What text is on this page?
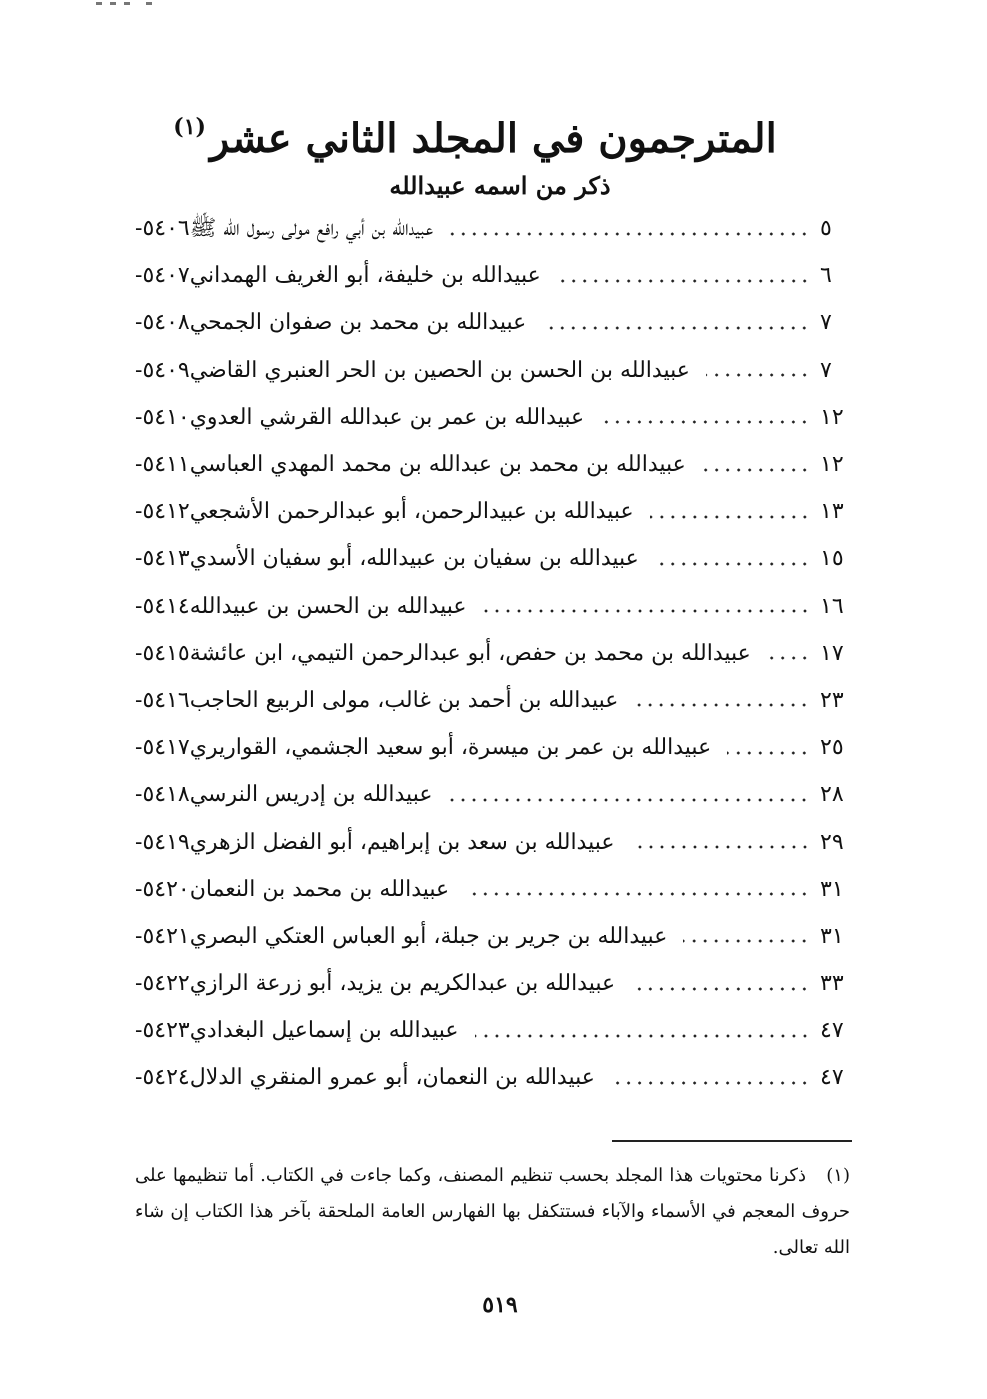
المترجمون في المجلد الثاني عشر$^{(١)}$
ذكر من اسمه عبيدالله
٥٤٠٦- عبيدالله بن أبي رافع مولى رسول الله ﷺ	٥
٥٤٠٧- عبيدالله بن خليفة، أبو الغريف الهمداني	٦
٥٤٠٨- عبيدالله بن محمد بن صفوان الجمحي	٧
٥٤٠٩- عبيدالله بن الحسن بن الحصين بن الحر العنبري القاضي	٧
٥٤١٠- عبيدالله بن عمر بن عبدالله القرشي العدوي	١٢
٥٤١١- عبيدالله بن محمد بن عبدالله بن محمد المهدي العباسي	١٢
٥٤١٢- عبيدالله بن عبيدالرحمن، أبو عبدالرحمن الأشجعي	١٣
٥٤١٣- عبيدالله بن سفيان بن عبيدالله، أبو سفيان الأسدي	١٥
٥٤١٤- عبيدالله بن الحسن بن عبيدالله	١٦
٥٤١٥- عبيدالله بن محمد بن حفص، أبو عبدالرحمن التيمي، ابن عائشة	١٧
٥٤١٦- عبيدالله بن أحمد بن غالب، مولى الربيع الحاجب	٢٣
٥٤١٧- عبيدالله بن عمر بن ميسرة، أبو سعيد الجشمي، القواريري	٢٥
٥٤١٨- عبيدالله بن إدريس النرسي	٢٨
٥٤١٩- عبيدالله بن سعد بن إبراهيم، أبو الفضل الزهري	٢٩
٥٤٢٠- عبيدالله بن محمد بن النعمان	٣١
٥٤٢١- عبيدالله بن جرير بن جبلة، أبو العباس العتكي البصري	٣١
٥٤٢٢- عبيدالله بن عبدالكريم بن يزيد، أبو زرعة الرازي	٣٣
٥٤٢٣- عبيدالله بن إسماعيل البغدادي	٤٧
٥٤٢٤- عبيدالله بن النعمان، أبو عمرو المنقري الدلال	٤٧
(١)
ذكرنا محتويات هذا المجلد بحسب تنظيم المصنف، وكما جاءت في الكتاب. أما تنظيمها على حروف المعجم في الأسماء والآباء فستتكفل بها الفهارس العامة الملحقة بآخر هذا الكتاب إن شاء الله تعالى.
٥١٩
